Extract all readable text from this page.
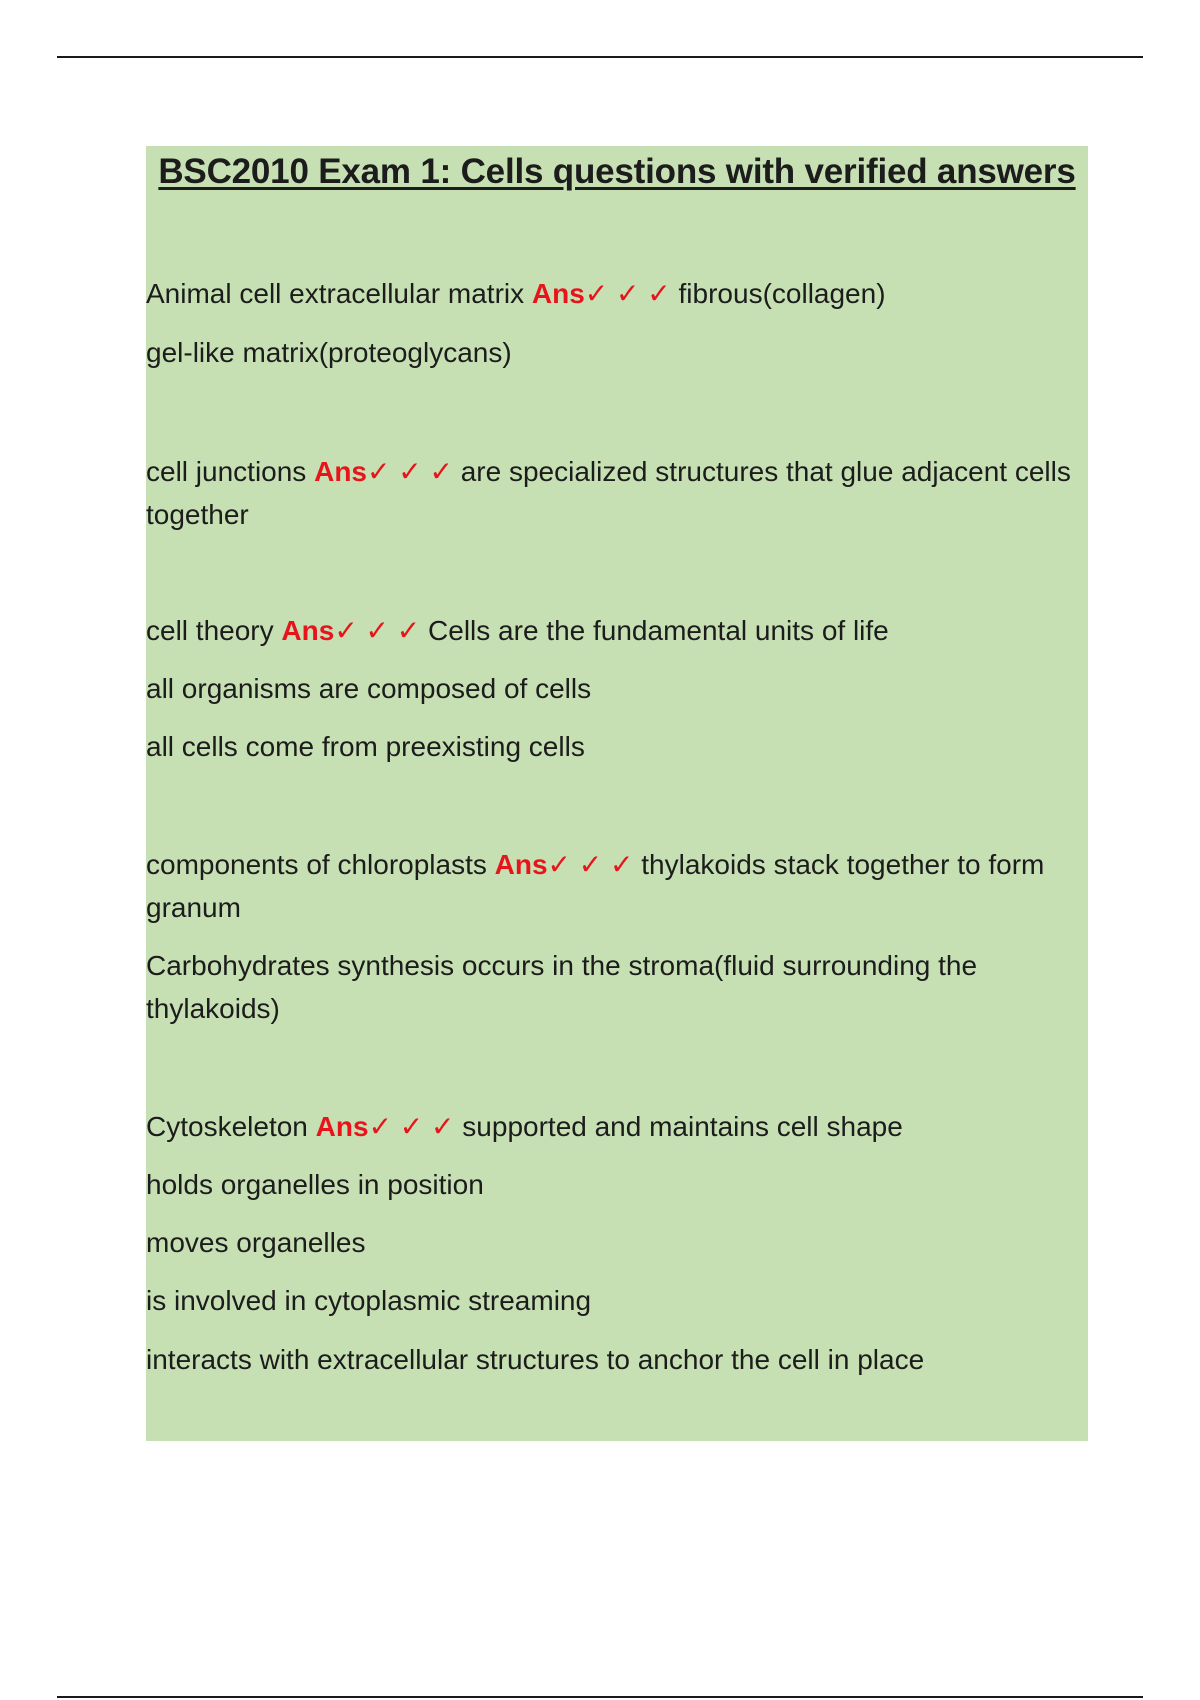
BSC2010 Exam 1: Cells questions with verified answers
Animal cell extracellular matrix Ans✓ ✓ ✓ fibrous(collagen)
gel-like matrix(proteoglycans)
cell junctions Ans✓ ✓ ✓ are specialized structures that glue adjacent cells together
cell theory Ans✓ ✓ ✓ Cells are the fundamental units of life
all organisms are composed of cells
all cells come from preexisting cells
components of chloroplasts Ans✓ ✓ ✓ thylakoids stack together to form granum
Carbohydrates synthesis occurs in the stroma(fluid surrounding the thylakoids)
Cytoskeleton Ans✓ ✓ ✓ supported and maintains cell shape
holds organelles in position
moves organelles
is involved in cytoplasmic streaming
interacts with extracellular structures to anchor the cell in place
